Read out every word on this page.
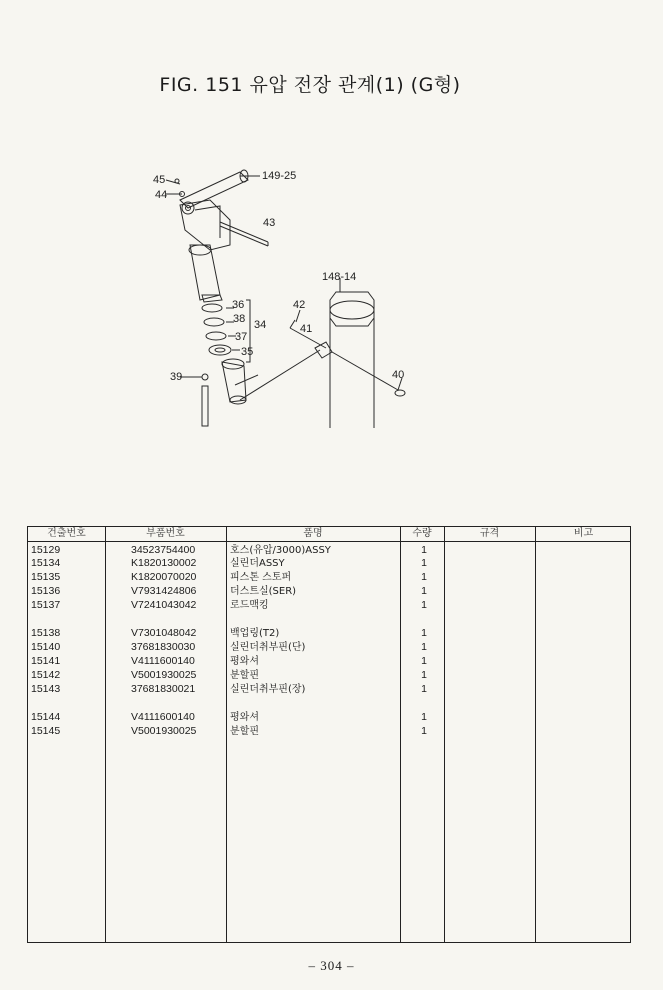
FIG. 151 유압 전장 관계(1) (G형)
45
44
149-25
43
148-14
42
41
36
38 34
37
35
39	40
건출번호	부품번호	품명	수량	규격	비고
15129	34523754400	호스(유압/3000)ASSY	1
15134	K1820130002	실린더ASSY	1
15135	K1820070020	피스톤 스토퍼	1
15136	V7931424806	더스트실(SER)	1
15137	V7241043042	로드맥킹	1
15138	V7301048042	백업링(T2)	1
15140	37681830030	실린더취부핀(단)	1
15141	V4111600140	평와셔	1
15142	V5001930025	분할핀	1
15143	37681830021	실린더취부핀(장)	1
15144	V4111600140	평와셔	1
15145	V5001930025	분할핀	1
– 304 –
